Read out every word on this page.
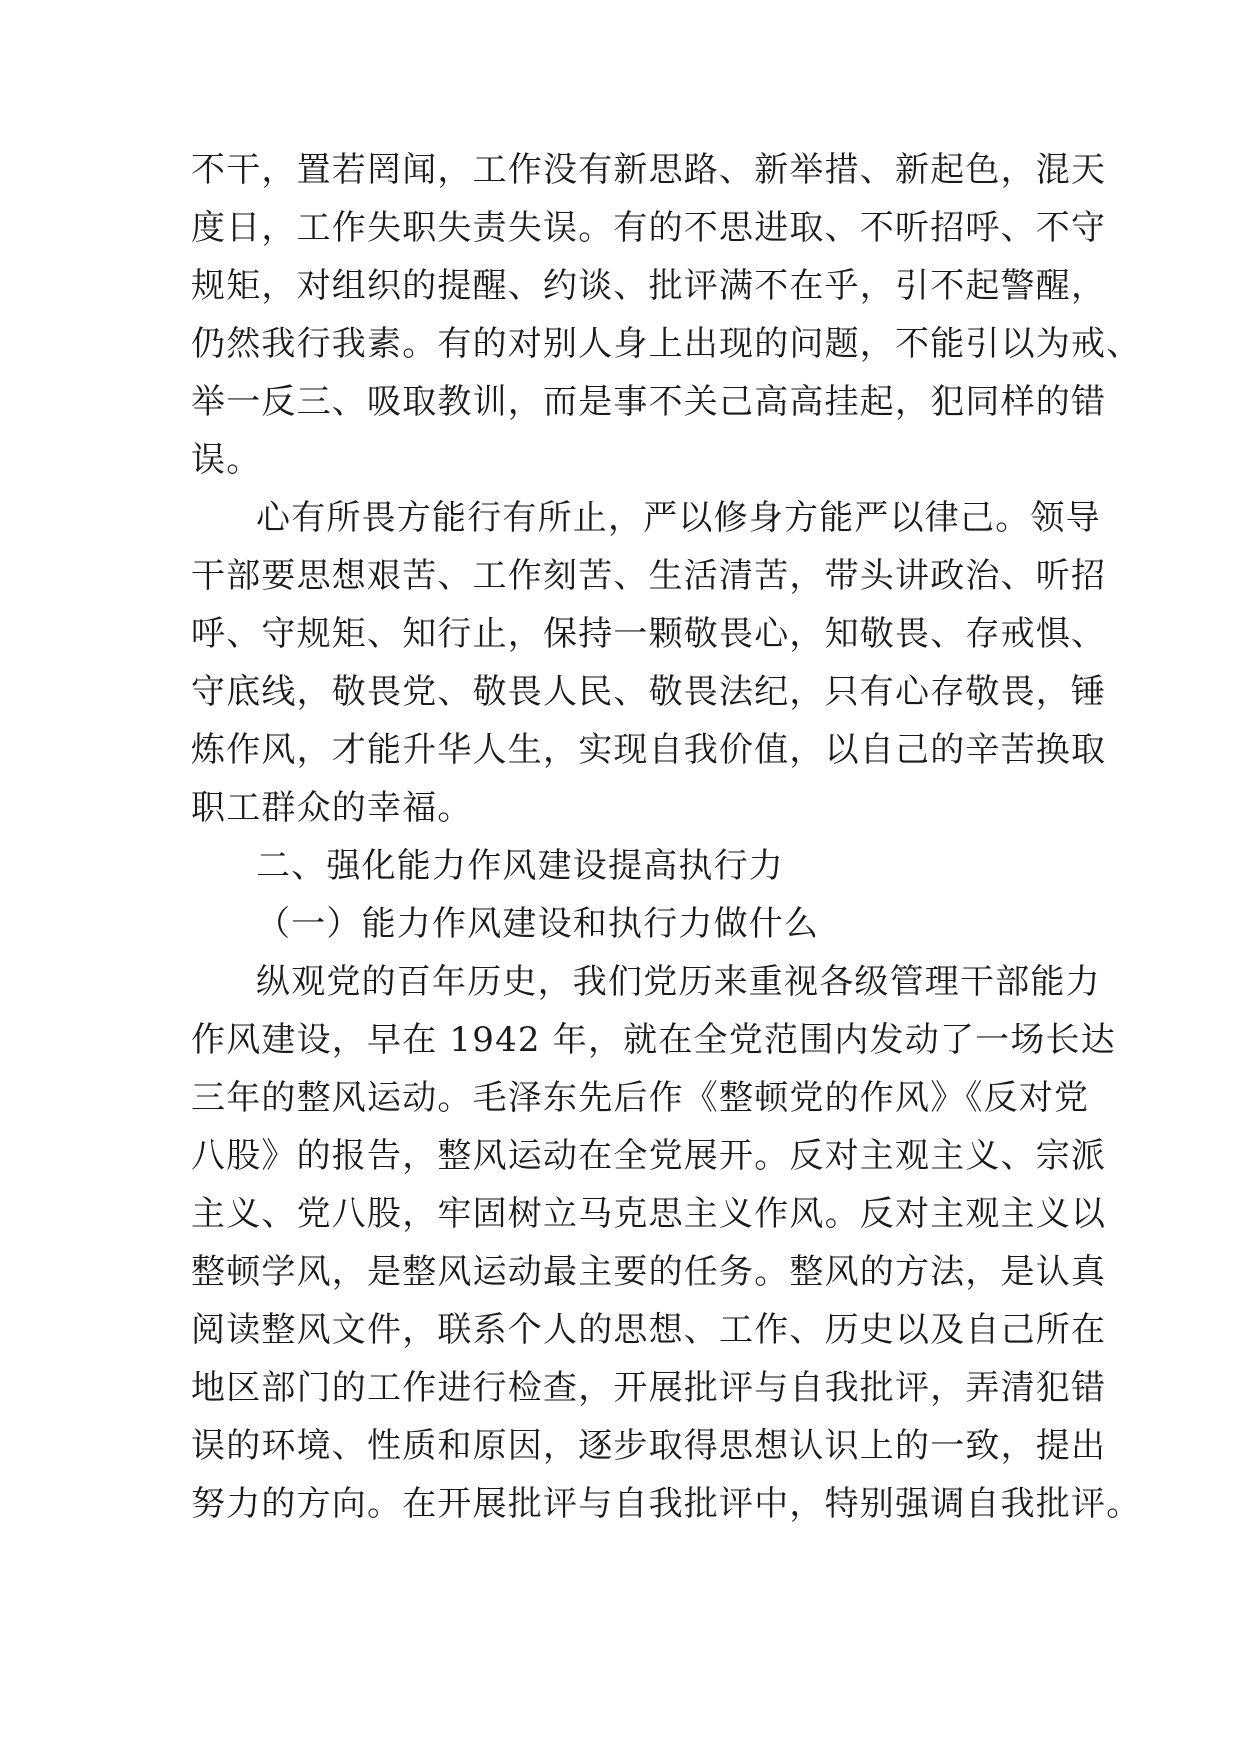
不干，置若罔闻，工作没有新思路、新举措、新起色，混天
度日，工作失职失责失误。有的不思进取、不听招呼、不守
规矩，对组织的提醒、约谈、批评满不在乎，引不起警醒，
仍然我行我素。有的对别人身上出现的问题，不能引以为戒、
举一反三、吸取教训，而是事不关己高高挂起，犯同样的错
误。
心有所畏方能行有所止，严以修身方能严以律己。领导
干部要思想艰苦、工作刻苦、生活清苦，带头讲政治、听招
呼、守规矩、知行止，保持一颗敬畏心，知敬畏、存戒惧、
守底线，敬畏党、敬畏人民、敬畏法纪，只有心存敬畏，锤
炼作风，才能升华人生，实现自我价值，以自己的辛苦换取
职工群众的幸福。
二、强化能力作风建设提高执行力
（一）能力作风建设和执行力做什么
纵观党的百年历史，我们党历来重视各级管理干部能力
作风建设，早在 1942 年，就在全党范围内发动了一场长达
三年的整风运动。毛泽东先后作《整顿党的作风》《反对党
八股》的报告，整风运动在全党展开。反对主观主义、宗派
主义、党八股，牢固树立马克思主义作风。反对主观主义以
整顿学风，是整风运动最主要的任务。整风的方法，是认真
阅读整风文件，联系个人的思想、工作、历史以及自己所在
地区部门的工作进行检查，开展批评与自我批评，弄清犯错
误的环境、性质和原因，逐步取得思想认识上的一致，提出
努力的方向。在开展批评与自我批评中，特别强调自我批评。
